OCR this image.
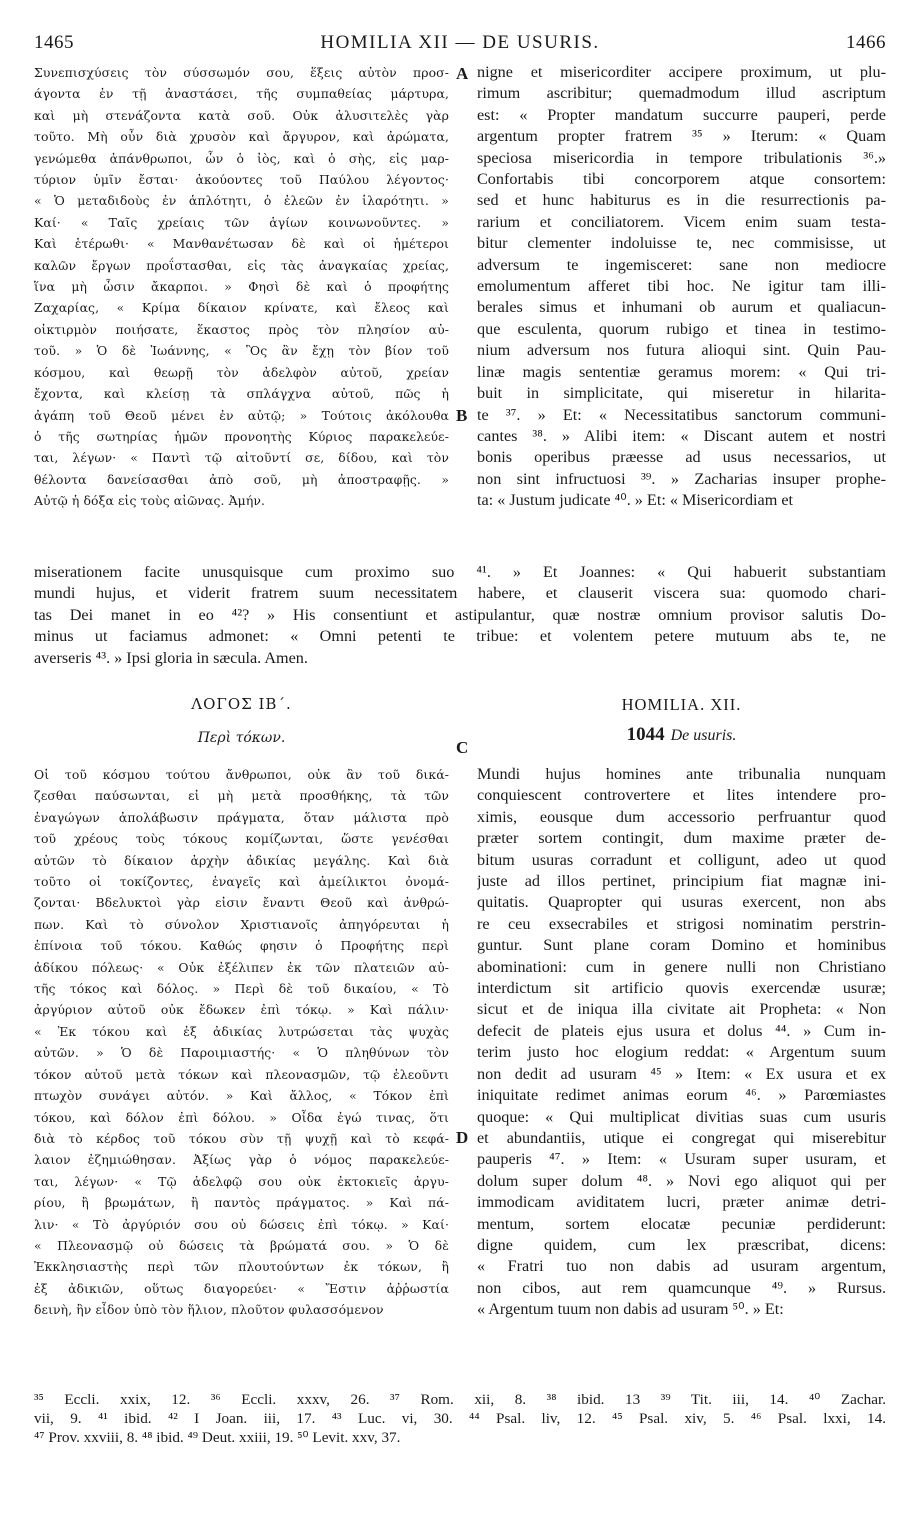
1465	HOMILIA XII — DE USURIS.	1466
Συνεπισχύσεις τὸν σύσσωμόν σου, ἕξεις αὐτὸν προσ-
άγοντα ἐν τῇ ἀναστάσει, τῆς συμπαθείας μάρτυρα,
καὶ μὴ στενάζοντα κατὰ σοῦ. Οὐκ ἀλυσιτελὲς γὰρ
τοῦτο. Μὴ οὖν διὰ χρυσὸν καὶ ἄργυρον, καὶ ἀρώματα,
γενώμεθα ἀπάνθρωποι, ὧν ὁ ἰὸς, καὶ ὁ σὴς, εἰς μαρ-
τύριον ὑμῖν ἔσται· ἀκούοντες τοῦ Παύλου λέγοντος·
« Ὁ μεταδιδοὺς ἐν ἁπλότητι, ὁ ἐλεῶν ἐν ἱλαρότητι. »
Καί· « Ταῖς χρείαις τῶν ἁγίων κοινωνοῦντες. »
Καὶ ἑτέρωθι· « Μανθανέτωσαν δὲ καὶ οἱ ἡμέτεροι
καλῶν ἔργων προΐστασθαι, εἰς τὰς ἀναγκαίας χρείας,
ἵνα μὴ ὦσιν ἄκαρποι. » Φησὶ δὲ καὶ ὁ προφήτης
Ζαχαρίας, « Κρίμα δίκαιον κρίνατε, καὶ ἔλεος καὶ
οἰκτιρμὸν ποιήσατε, ἕκαστος πρὸς τὸν πλησίον αὐ-
τοῦ. » Ὁ δὲ Ἰωάννης, « Ὃς ἂν ἔχῃ τὸν βίον τοῦ
κόσμου, καὶ θεωρῇ τὸν ἀδελφὸν αὐτοῦ, χρείαν
ἔχοντα, καὶ κλείσῃ τὰ σπλάγχνα αὐτοῦ, πῶς ἡ
ἀγάπη τοῦ Θεοῦ μένει ἐν αὐτῷ; » Τούτοις ἀκόλουθα
ὁ τῆς σωτηρίας ἡμῶν προνοητὴς Κύριος παρακελεύε-
ται, λέγων· « Παντὶ τῷ αἰτοῦντί σε, δίδου, καὶ τὸν
θέλοντα δανείσασθαι ἀπὸ σοῦ, μὴ ἀποστραφῇς. »
Αὐτῷ ἡ δόξα εἰς τοὺς αἰῶνας. Ἀμήν.
nigne et misericorditer accipere proximum, ut plu-
rimum ascribitur; quemadmodum illud ascriptum
est: « Propter mandatum succurre pauperi, perde
argentum propter fratrem ³⁵ » Iterum: « Quam
speciosa misericordia in tempore tribulationis ³⁶.»
Confortabis tibi concorporem atque consortem:
sed et hunc habiturus es in die resurrectionis pa-
rarium et conciliatorem. Vicem enim suam testa-
bitur clementer indoluisse te, nec commisisse, ut
adversum te ingemisceret: sane non mediocre
emolumentum afferet tibi hoc. Ne igitur tam illi-
berales simus et inhumani ob aurum et qualiacun-
que esculenta, quorum rubigo et tinea in testimo-
nium adversum nos futura alioqui sint. Quin Pau-
linæ magis sententiæ geramus morem: « Qui tri-
buit in simplicitate, qui miseretur in hilarita-
te ³⁷. » Et: « Necessitatibus sanctorum communi-
cantes ³⁸. » Alibi item: « Discant autem et nostri
bonis operibus præesse ad usus necessarios, ut
non sint infructuosi ³⁹. » Zacharias insuper prophe-
ta: « Justum judicate ⁴⁰. » Et: « Misericordiam et
A
B
miserationem facite unusquisque cum proximo suo ⁴¹. » Et Joannes: « Qui habuerit substantiam
mundi hujus, et viderit fratrem suum necessitatem habere, et clauserit viscera sua: quomodo chari-
tas Dei manet in eo ⁴²? » His consentiunt et astipulantur, quæ nostræ omnium provisor salutis Do-
minus ut faciamus admonet: « Omni petenti te tribue: et volentem petere mutuum abs te, ne
averseris ⁴³. » Ipsi gloria in sæcula. Amen.
ΛΟΓΟΣ ΙΒ΄.	HOMILIA. XII.
C
Περὶ τόκων.	1044 De usuris.
Οἱ τοῦ κόσμου τούτου ἄνθρωποι, οὐκ ἂν τοῦ δικά-
ζεσθαι παύσωνται, εἰ μὴ μετὰ προσθήκης, τὰ τῶν
ἐναγώγων ἀπολάβωσιν πράγματα, ὅταν μάλιστα πρὸ
τοῦ χρέους τοὺς τόκους κομίζωνται, ὥστε γενέσθαι
αὐτῶν τὸ δίκαιον ἀρχὴν ἀδικίας μεγάλης. Καὶ διὰ
τοῦτο οἱ τοκίζοντες, ἐναγεῖς καὶ ἀμείλικτοι ὀνομά-
ζονται· Βδελυκτοὶ γὰρ εἰσιν ἔναντι Θεοῦ καὶ ἀνθρώ-
πων. Καὶ τὸ σύνολον Χριστιανοῖς ἀπηγόρευται ἡ
ἐπίνοια τοῦ τόκου. Καθώς φησιν ὁ Προφήτης περὶ
ἀδίκου πόλεως· « Οὐκ ἐξέλιπεν ἐκ τῶν πλατειῶν αὐ-
τῆς τόκος καὶ δόλος. » Περὶ δὲ τοῦ δικαίου, « Τὸ
ἀργύριον αὐτοῦ οὐκ ἔδωκεν ἐπὶ τόκῳ. » Καὶ πάλιν·
« Ἐκ τόκου καὶ ἐξ ἀδικίας λυτρώσεται τὰς ψυχὰς
αὐτῶν. » Ὁ δὲ Παροιμιαστής· « Ὁ πληθύνων τὸν
τόκον αὐτοῦ μετὰ τόκων καὶ πλεονασμῶν, τῷ ἐλεοῦντι
πτωχὸν συνάγει αὐτόν. » Καὶ ἄλλος, « Τόκον ἐπὶ
τόκου, καὶ δόλον ἐπὶ δόλου. » Οἶδα ἐγώ τινας, ὅτι
διὰ τὸ κέρδος τοῦ τόκου σὺν τῇ ψυχῇ καὶ τὸ κεφά-
λαιον ἐζημιώθησαν. Ἀξίως γὰρ ὁ νόμος παρακελεύε-
ται, λέγων· « Τῷ ἀδελφῷ σου οὐκ ἐκτοκιεῖς ἀργυ-
ρίου, ἢ βρωμάτων, ἢ παντὸς πράγματος. » Καὶ πά-
λιν· « Τὸ ἀργύριόν σου οὐ δώσεις ἐπὶ τόκῳ. » Καί·
« Πλεονασμῷ οὐ δώσεις τὰ βρώματά σου. » Ὁ δὲ
Ἐκκλησιαστὴς περὶ τῶν πλουτούντων ἐκ τόκων, ἢ
ἐξ ἀδικιῶν, οὕτως διαγορεύει· « Ἔστιν ἀῤῥωστία
δεινὴ, ἣν εἶδον ὑπὸ τὸν ἥλιον, πλοῦτον φυλασσόμενον
Mundi hujus homines ante tribunalia nunquam
conquiescent controvertere et lites intendere pro-
ximis, eousque dum accessorio perfruantur quod
præter sortem contingit, dum maxime præter de-
bitum usuras corradunt et colligunt, adeo ut quod
juste ad illos pertinet, principium fiat magnæ ini-
quitatis. Quapropter qui usuras exercent, non abs
re ceu exsecrabiles et strigosi nominatim perstrin-
guntur. Sunt plane coram Domino et hominibus
abominationi: cum in genere nulli non Christiano
interdictum sit artificio quovis exercendæ usuræ;
sicut et de iniqua illa civitate ait Propheta: « Non
defecit de plateis ejus usura et dolus ⁴⁴. » Cum in-
terim justo hoc elogium reddat: « Argentum suum
non dedit ad usuram ⁴⁵ » Item: « Ex usura et ex
iniquitate redimet animas eorum ⁴⁶. » Parœmiastes
quoque: « Qui multiplicat divitias suas cum usuris
et abundantiis, utique ei congregat qui miserebitur
pauperis ⁴⁷. » Item: « Usuram super usuram, et
dolum super dolum ⁴⁸. » Novi ego aliquot qui per
immodicam aviditatem lucri, præter animæ detri-
mentum, sortem elocatæ pecuniæ perdiderunt:
digne quidem, cum lex præscribat, dicens:
« Fratri tuo non dabis ad usuram argentum,
non cibos, aut rem quamcunque ⁴⁹. » Rursus.
« Argentum tuum non dabis ad usuram ⁵⁰. » Et:
D
³⁵ Eccli. xxix, 12. ³⁶ Eccli. xxxv, 26. ³⁷ Rom. xii, 8. ³⁸ ibid. 13 ³⁹ Tit. iii, 14. ⁴⁰ Zachar.
vii, 9. ⁴¹ ibid. ⁴² I Joan. iii, 17. ⁴³ Luc. vi, 30. ⁴⁴ Psal. liv, 12. ⁴⁵ Psal. xiv, 5. ⁴⁶ Psal. lxxi, 14.
⁴⁷ Prov. xxviii, 8. ⁴⁸ ibid. ⁴⁹ Deut. xxiii, 19. ⁵⁰ Levit. xxv, 37.
